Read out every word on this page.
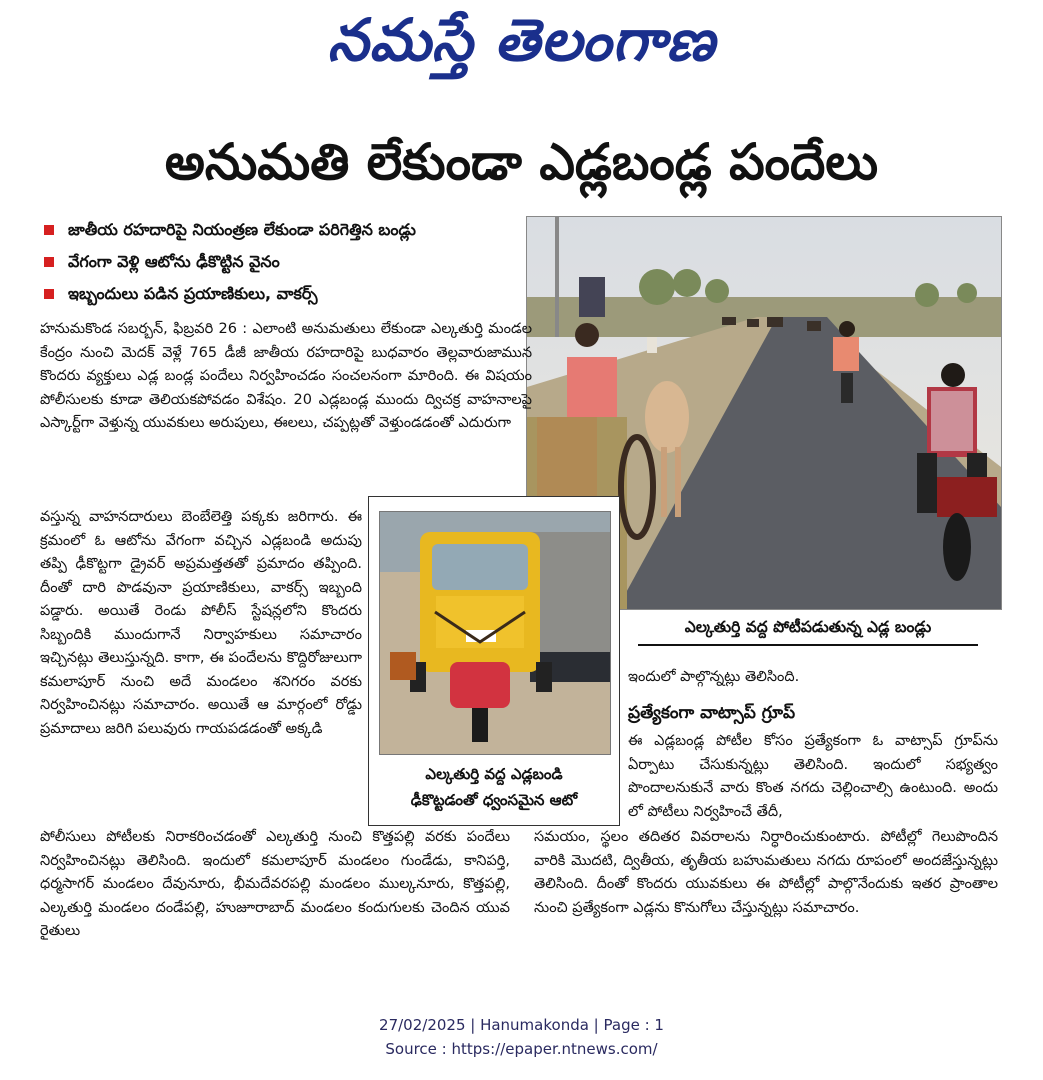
నమస్తే తెలంగాణ
అనుమతి లేకుండా ఎడ్లబండ్ల పందేలు
జాతీయ రహదారిపై నియంత్రణ లేకుండా పరిగెత్తిన బండ్లు
వేగంగా వెళ్లి ఆటోను ఢీకొట్టిన వైనం
ఇబ్బందులు పడిన ప్రయాణికులు, వాకర్స్
ఎల్కతుర్తి వద్ద పోటీపడుతున్న ఎడ్ల బండ్లు

హనుమకొండ సబర్బన్, ఫిబ్రవరి 26 : ఎలాంటి అనుమతులు లేకుండా ఎల్కతుర్తి మండల కేంద్రం నుంచి మెదక్ వెళ్లే 765 డీజీ జాతీయ రహదారిపై బుధవారం తెల్లవారుజామున కొందరు వ్యక్తులు ఎడ్ల బండ్ల పందేలు నిర్వహించడం సంచలనంగా మారింది. ఈ విషయం పోలీసులకు కూడా తెలియకపోవడం విశేషం. 20 ఎడ్లబండ్ల ముందు ద్విచక్ర వాహనాలపై ఎస్కార్ట్‌గా వెళ్తున్న యువకులు అరుపులు, ఈలలు, చప్పట్లతో వెళ్తుండడంతో ఎదురుగా

వస్తున్న వాహనదారులు బెంబేలెత్తి పక్కకు జరిగారు. ఈ క్రమంలో ఓ ఆటోను వేగంగా వచ్చిన ఎడ్లబండి అదుపు తప్పి ఢీకొట్టగా డ్రైవర్ అప్రమత్తతతో ప్రమాదం తప్పింది. దీంతో దారి పొడవునా ప్రయాణికులు, వాకర్స్ ఇబ్బంది పడ్డారు. అయితే రెండు పోలీస్ స్టేషన్లలోని కొందరు సిబ్బందికి ముందుగానే నిర్వాహకులు సమాచారం ఇచ్చినట్లు తెలుస్తున్నది. కాగా, ఈ పందేలను కొద్దిరోజులుగా కమలాపూర్ నుంచి అదే మండలం శనిగరం వరకు నిర్వహించినట్లు సమాచారం. అయితే ఆ మార్గంలో రోడ్డు ప్రమాదాలు జరిగి పలువురు గాయపడడంతో అక్కడి

ఎల్కతుర్తి వద్ద ఎడ్లబండి
ఢీకొట్టడంతో ధ్వంసమైన ఆటో

పోలీసులు పోటీలకు నిరాకరించడంతో ఎల్కతుర్తి నుంచి కొత్తపల్లి వరకు పందేలు నిర్వహించినట్లు తెలిసింది. ఇందులో కమలాపూర్ మండలం గుండేడు, కానిపర్తి, ధర్మసాగర్ మండలం దేవునూరు, భీమదేవరపల్లి మండలం ముల్కనూరు, కొత్తపల్లి, ఎల్కతుర్తి మండలం దండేపల్లి, హుజూరాబాద్ మండలం కందుగులకు చెందిన యువ రైతులు

ఇందులో పాల్గొన్నట్లు తెలిసింది.

ప్రత్యేకంగా వాట్సాప్ గ్రూప్

ఈ ఎడ్లబండ్ల పోటీల కోసం ప్రత్యేకంగా ఓ వాట్సాప్ గ్రూప్‌ను ఏర్పాటు చేసుకున్నట్లు తెలిసింది. ఇందులో సభ్యత్వం పొందాలనుకునే వారు కొంత నగదు చెల్లించాల్సి ఉంటుంది. అందు లో పోటీలు నిర్వహించే తేదీ,

సమయం, స్థలం తదితర వివరాలను నిర్ధారించుకుంటారు. పోటీల్లో గెలుపొందిన వారికి మొదటి, ద్వితీయ, తృతీయ బహుమతులు నగదు రూపంలో అందజేస్తున్నట్లు తెలిసింది. దీంతో కొందరు యువకులు ఈ పోటీల్లో పాల్గొనేందుకు ఇతర ప్రాంతాల నుంచి ప్రత్యేకంగా ఎడ్లను కొనుగోలు చేస్తున్నట్లు సమాచారం.

27/02/2025 | Hanumakonda | Page : 1
Source : https://epaper.ntnews.com/
